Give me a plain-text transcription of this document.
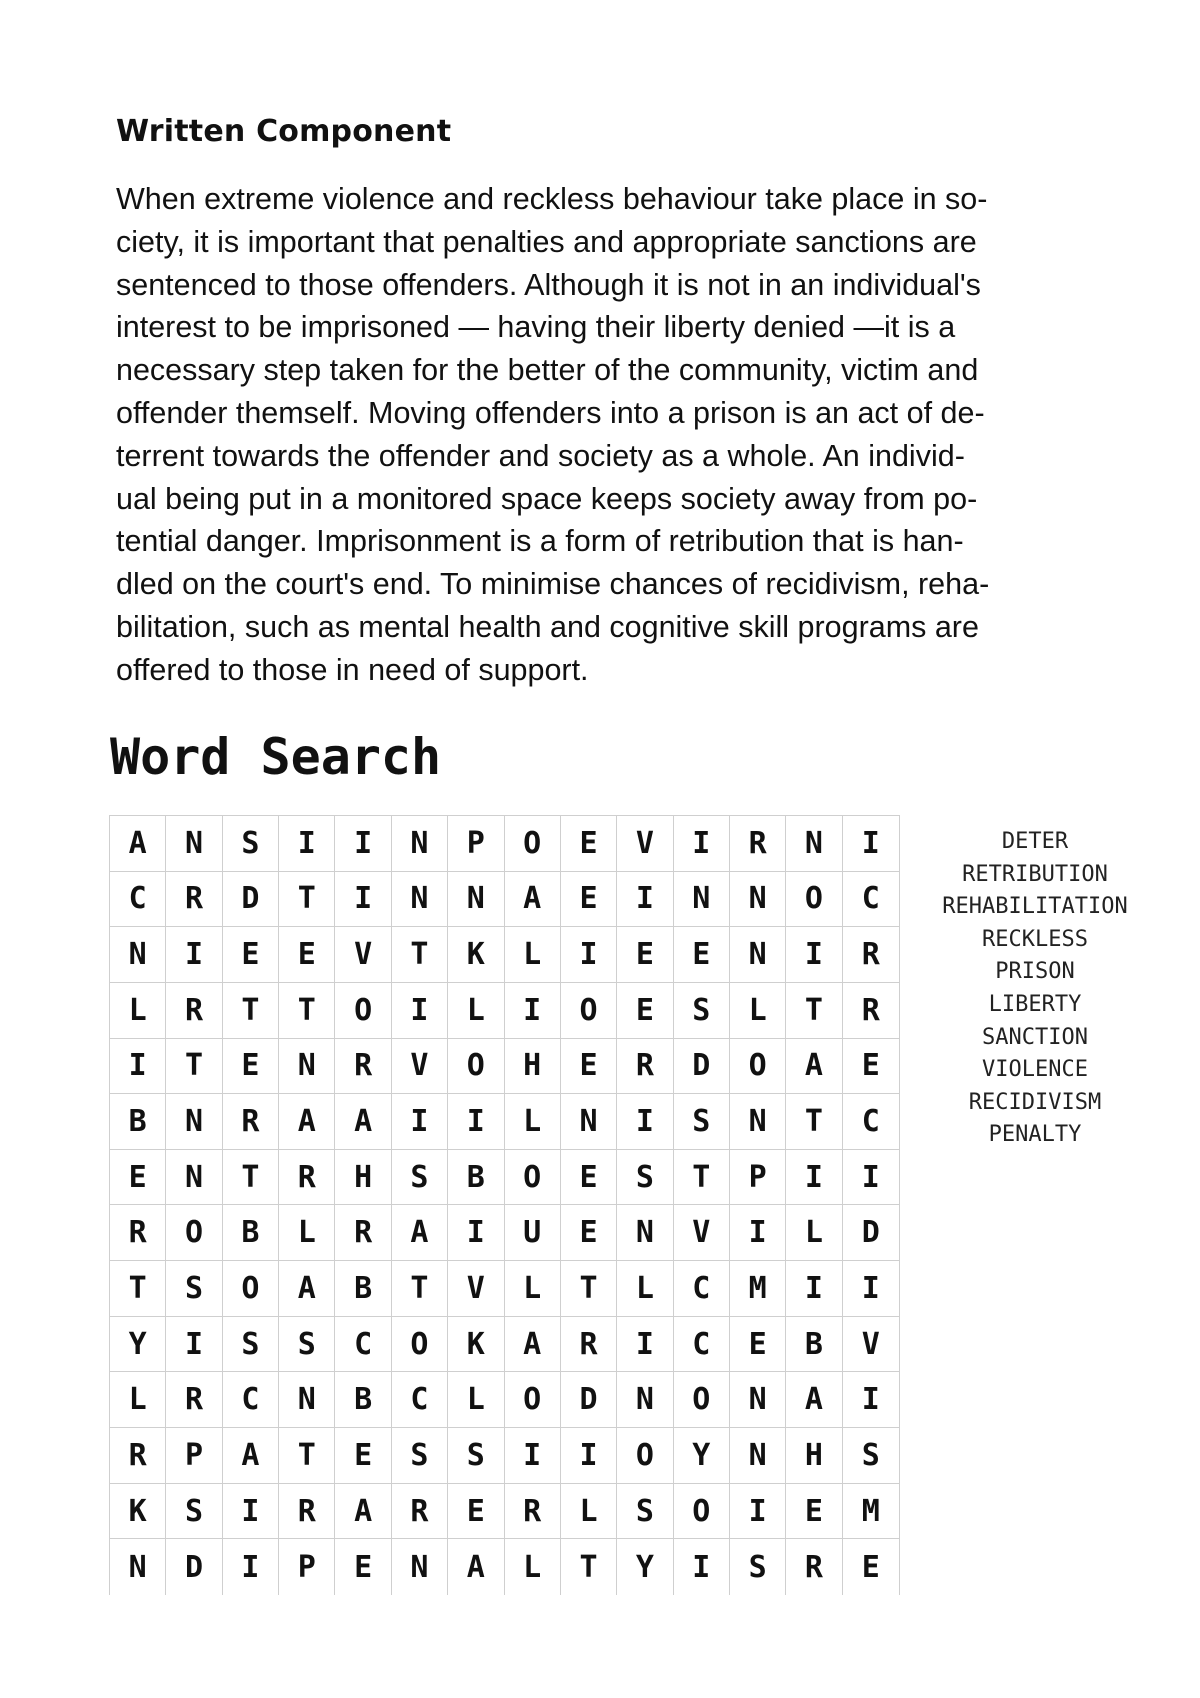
Written Component

When extreme violence and reckless behaviour take place in so-
ciety, it is important that penalties and appropriate sanctions are
sentenced to those offenders. Although it is not in an individual's
interest to be imprisoned — having their liberty denied —it is a
necessary step taken for the better of the community, victim and
offender themself. Moving offenders into a prison is an act of de-
terrent towards the offender and society as a whole. An individ-
ual being put in a monitored space keeps society away from po-
tential danger. Imprisonment is a form of retribution that is han-
dled on the court's end. To minimise chances of recidivism, reha-
bilitation, such as mental health and cognitive skill programs are
offered to those in need of support.

Word Search
A	N	S	I	I	N	P	O	E	V	I	R	N	I
C	R	D	T	I	N	N	A	E	I	N	N	O	C
N	I	E	E	V	T	K	L	I	E	E	N	I	R
L	R	T	T	O	I	L	I	O	E	S	L	T	R
I	T	E	N	R	V	O	H	E	R	D	O	A	E
B	N	R	A	A	I	I	L	N	I	S	N	T	C
E	N	T	R	H	S	B	O	E	S	T	P	I	I
R	O	B	L	R	A	I	U	E	N	V	I	L	D
T	S	O	A	B	T	V	L	T	L	C	M	I	I
Y	I	S	S	C	O	K	A	R	I	C	E	B	V
L	R	C	N	B	C	L	O	D	N	O	N	A	I
R	P	A	T	E	S	S	I	I	O	Y	N	H	S
K	S	I	R	A	R	E	R	L	S	O	I	E	M
N	D	I	P	E	N	A	L	T	Y	I	S	R	E
DETER
RETRIBUTION
REHABILITATION
RECKLESS
PRISON
LIBERTY
SANCTION
VIOLENCE
RECIDIVISM
PENALTY
